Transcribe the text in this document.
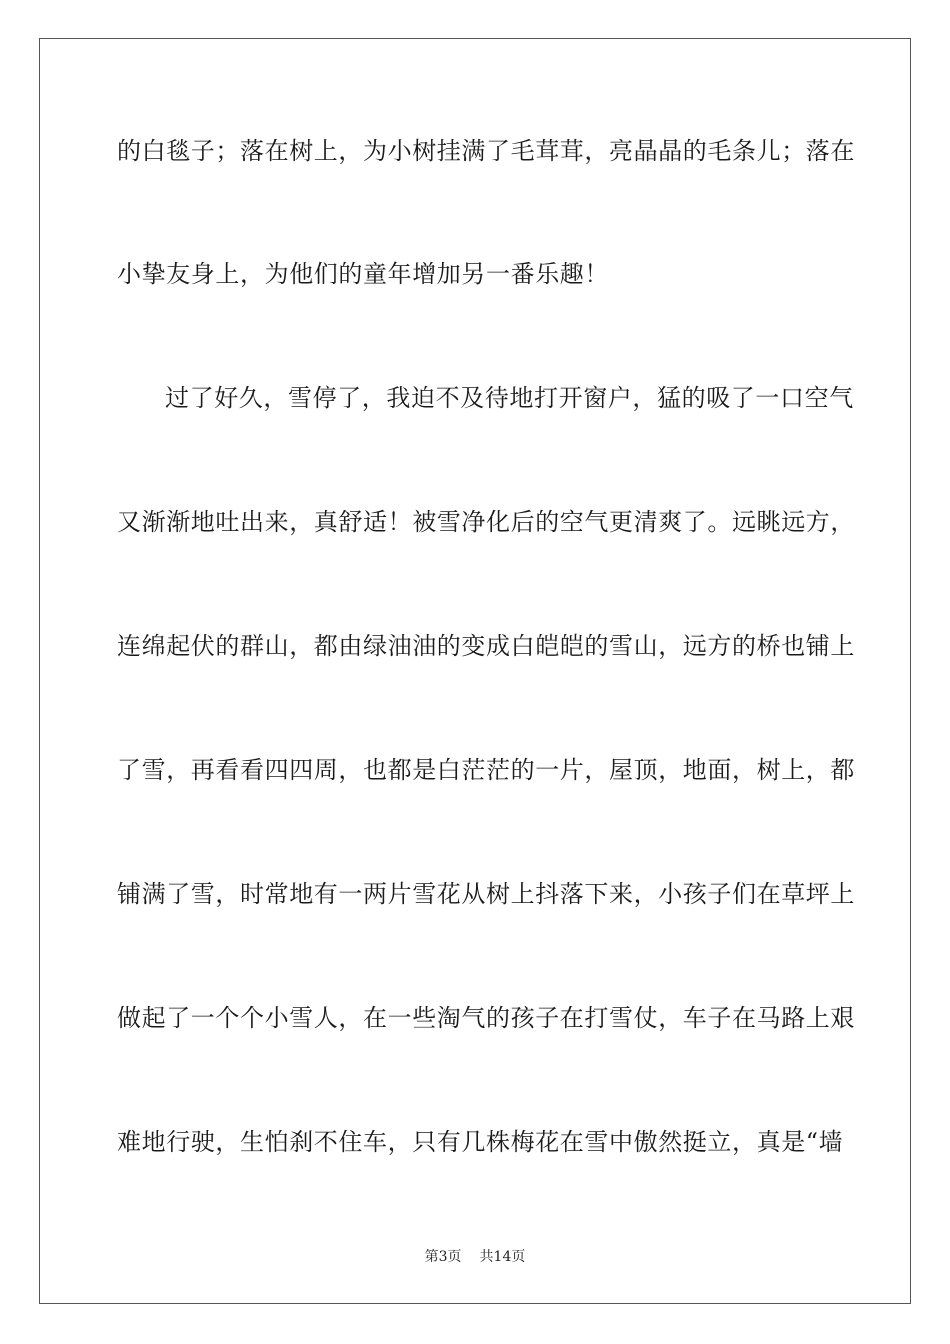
的白毯子；落在树上，为小树挂满了毛茸茸，亮晶晶的毛条儿；落在
小挚友身上，为他们的童年增加另一番乐趣！
过了好久，雪停了，我迫不及待地打开窗户，猛的吸了一口空气
又渐渐地吐出来，真舒适！被雪净化后的空气更清爽了。远眺远方，
连绵起伏的群山，都由绿油油的变成白皑皑的雪山，远方的桥也铺上
了雪，再看看四四周，也都是白茫茫的一片，屋顶，地面，树上，都
铺满了雪，时常地有一两片雪花从树上抖落下来，小孩子们在草坪上
做起了一个个小雪人，在一些淘气的孩子在打雪仗，车子在马路上艰
难地行驶，生怕刹不住车，只有几株梅花在雪中傲然挺立，真是“墙
第3页 共14页
